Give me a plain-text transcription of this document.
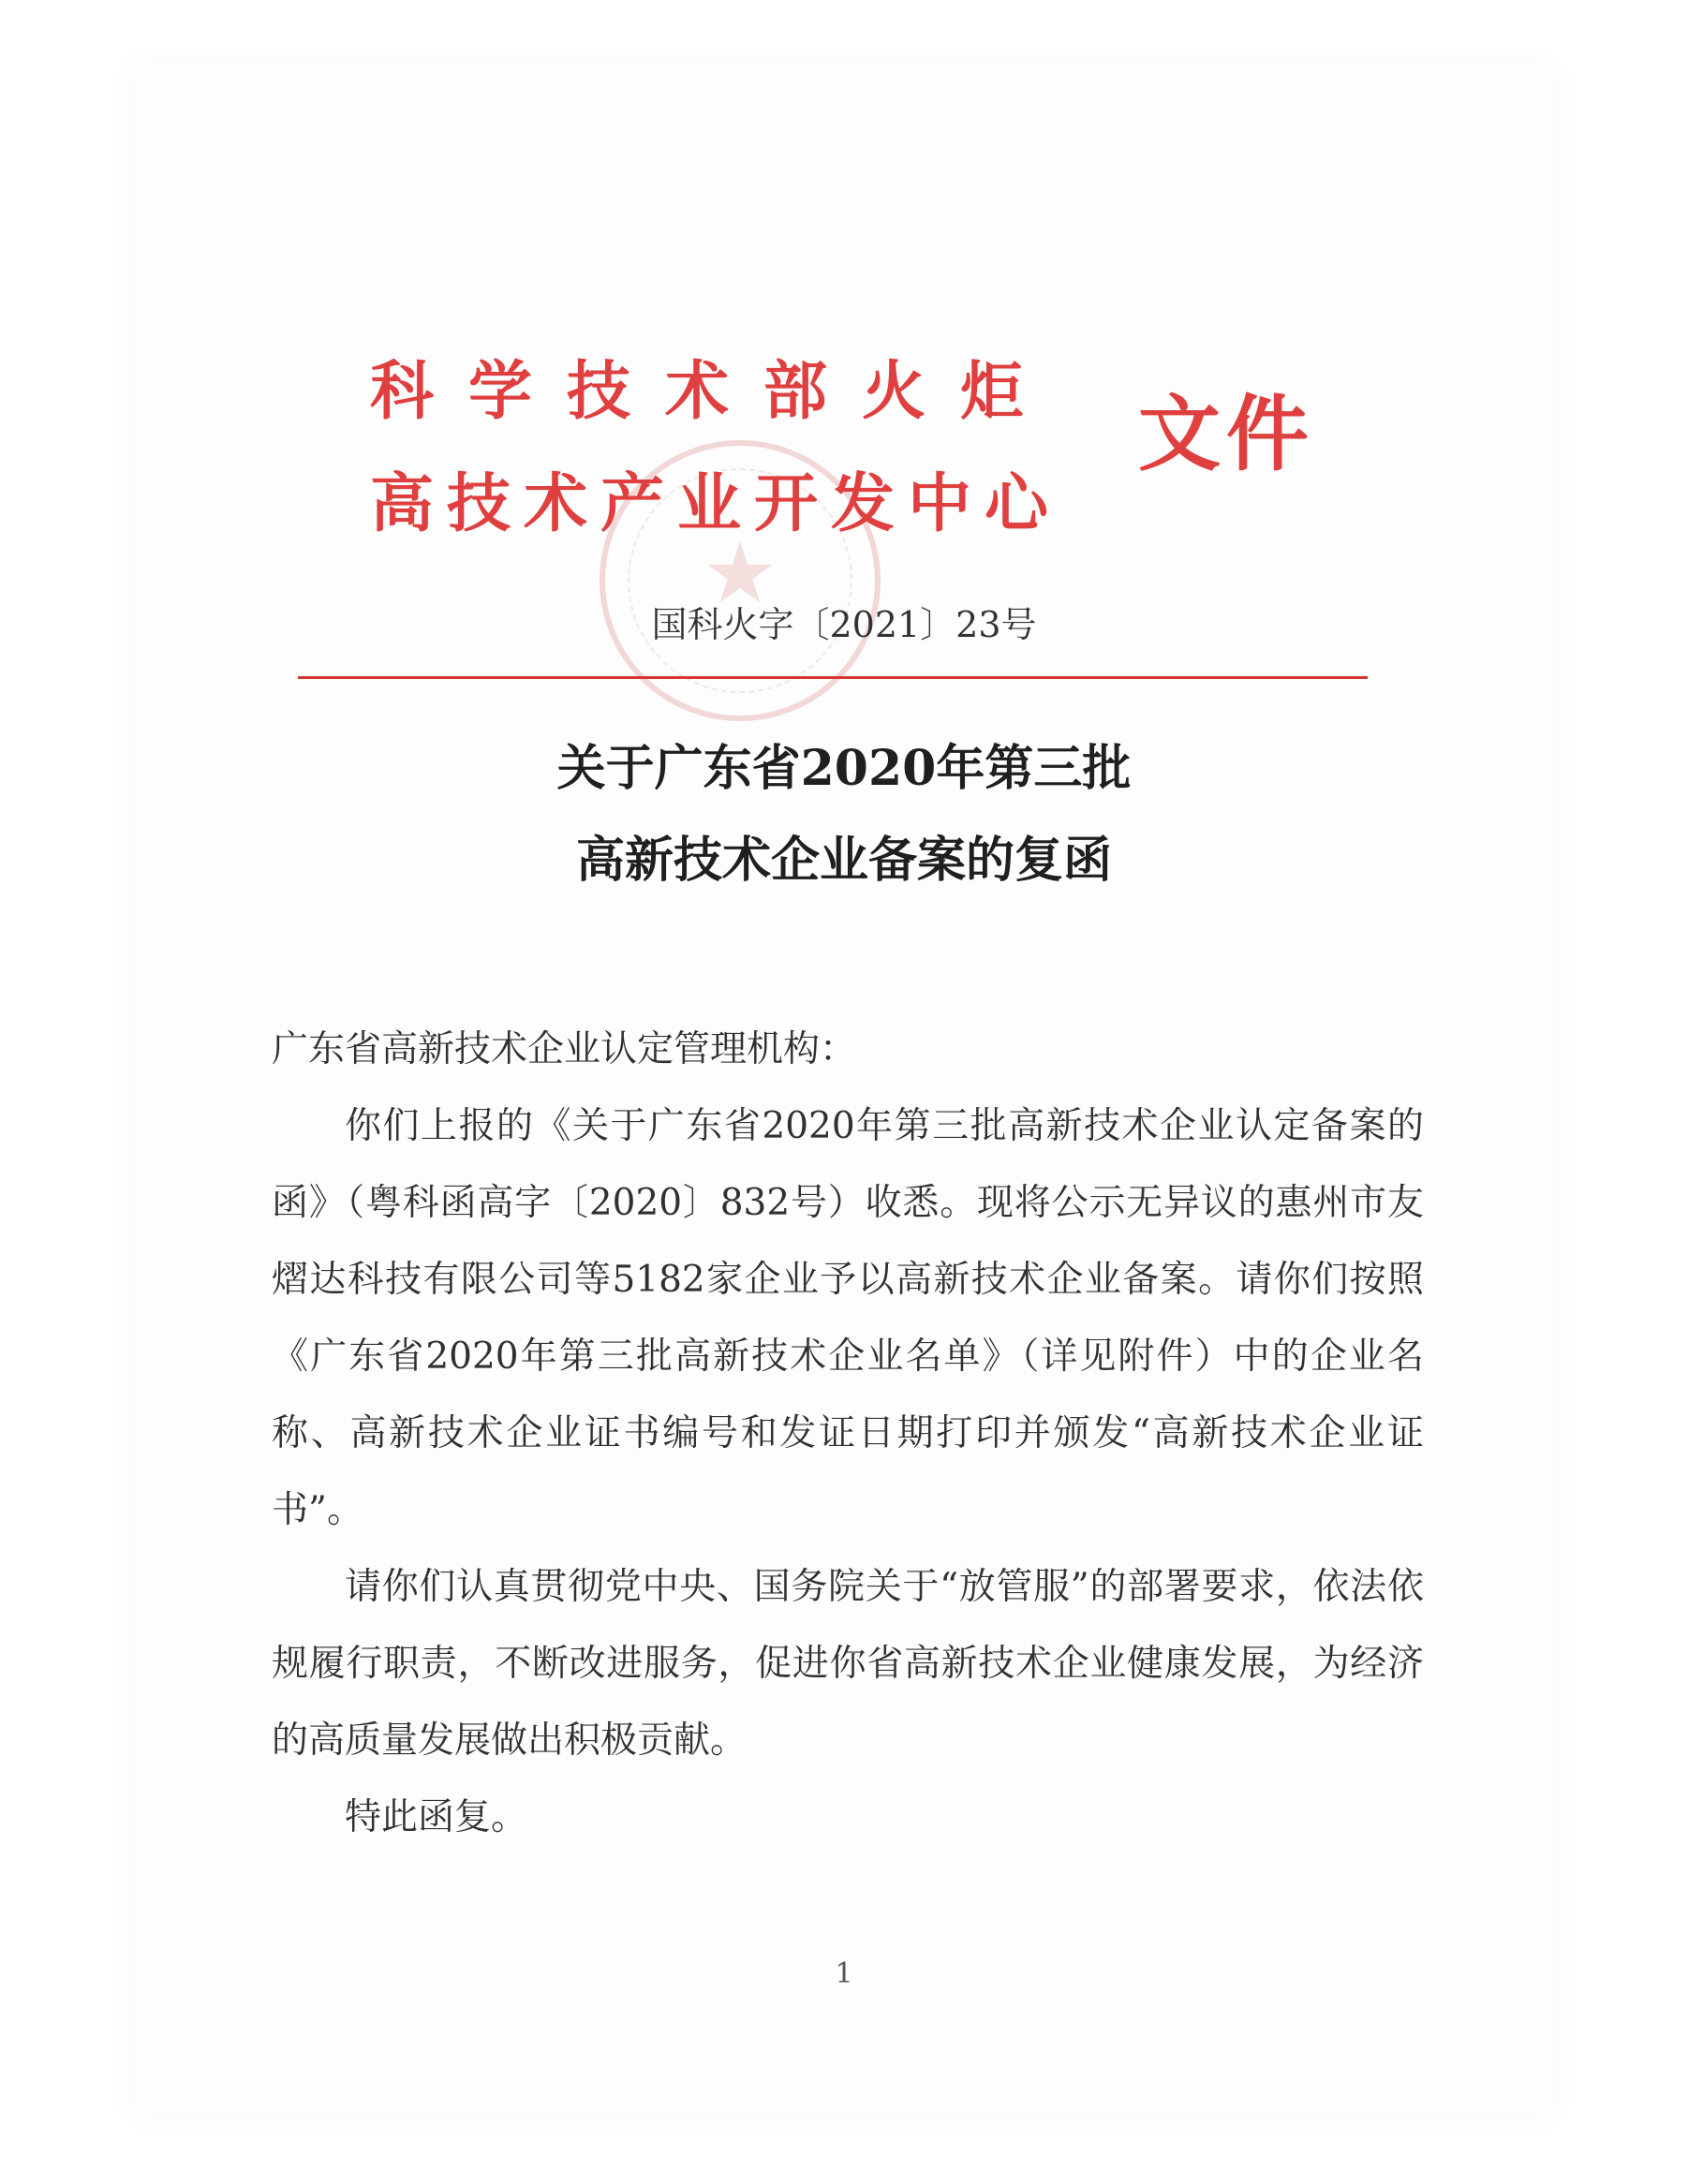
★
科学技术部火炬
高技术产业开发中心
文件
国科火字〔2021〕23号
关于广东省2020年第三批
高新技术企业备案的复函
广东省高新技术企业认定管理机构：

你们上报的《关于广东省2020年第三批高新技术企业认定备案的函》（粤科函高字〔2020〕832号）收悉。现将公示无异议的惠州市友熠达科技有限公司等5182家企业予以高新技术企业备案。请你们按照《广东省2020年第三批高新技术企业名单》（详见附件）中的企业名称、高新技术企业证书编号和发证日期打印并颁发“高新技术企业证书”。

请你们认真贯彻党中央、国务院关于“放管服”的部署要求，依法依规履行职责，不断改进服务，促进你省高新技术企业健康发展，为经济的高质量发展做出积极贡献。

特此函复。

1
